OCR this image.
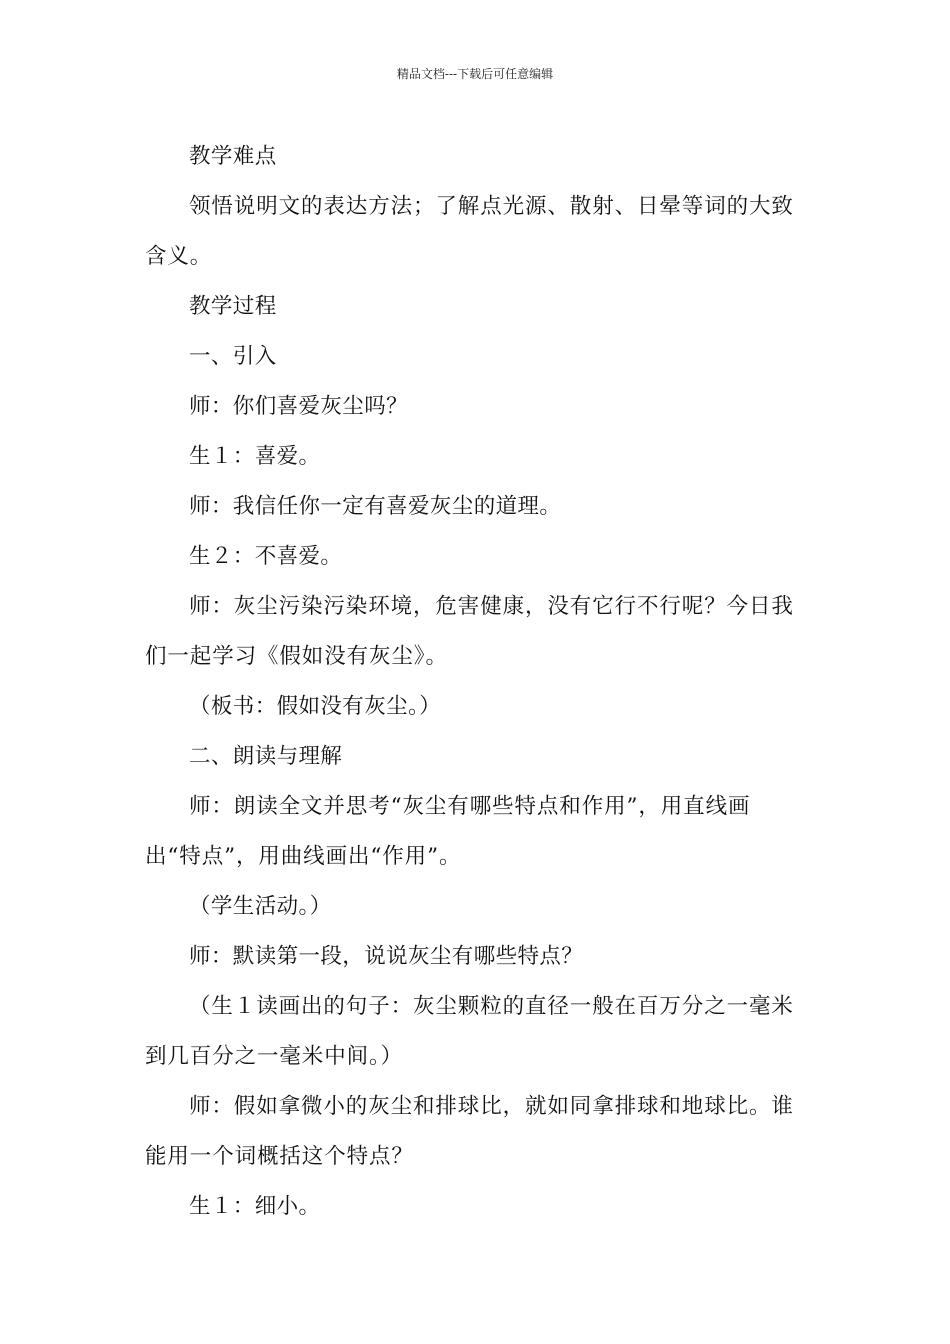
精品文档---下载后可任意编辑

教学难点

领悟说明文的表达方法；了解点光源、散射、日晕等词的大致含义。

教学过程

一、引入

师：你们喜爱灰尘吗？

生１：喜爱。

师：我信任你一定有喜爱灰尘的道理。

生２：不喜爱。

师：灰尘污染污染环境，危害健康，没有它行不行呢？今日我们一起学习《假如没有灰尘》。

（板书：假如没有灰尘。）

二、朗读与理解

师：朗读全文并思考“灰尘有哪些特点和作用”，用直线画出“特点”，用曲线画出“作用”。

（学生活动。）

师：默读第一段，说说灰尘有哪些特点？

（生１读画出的句子：灰尘颗粒的直径一般在百万分之一毫米到几百分之一毫米中间。）

师：假如拿微小的灰尘和排球比，就如同拿排球和地球比。谁能用一个词概括这个特点？

生１：细小。
